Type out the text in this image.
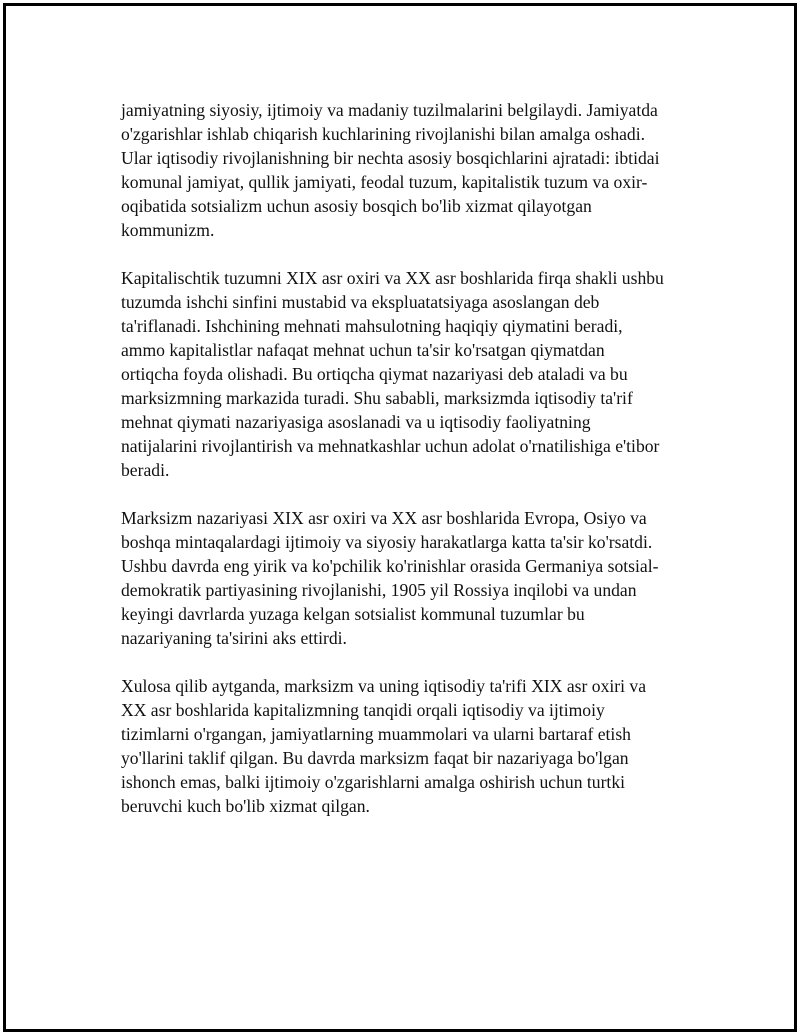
jamiyatning siyosiy, ijtimoiy va madaniy tuzilmalarini belgilaydi. Jamiyatda
o'zgarishlar ishlab chiqarish kuchlarining rivojlanishi bilan amalga oshadi.
Ular iqtisodiy rivojlanishning bir nechta asosiy bosqichlarini ajratadi: ibtidai
komunal jamiyat, qullik jamiyati, feodal tuzum, kapitalistik tuzum va oxir-
oqibatida sotsializm uchun asosiy bosqich bo'lib xizmat qilayotgan
kommunizm.

Kapitalischtik tuzumni XIX asr oxiri va XX asr boshlarida firqa shakli ushbu
tuzumda ishchi sinfini mustabid va ekspluatatsiyaga asoslangan deb
ta'riflanadi. Ishchining mehnati mahsulotning haqiqiy qiymatini beradi,
ammo kapitalistlar nafaqat mehnat uchun ta'sir ko'rsatgan qiymatdan
ortiqcha foyda olishadi. Bu ortiqcha qiymat nazariyasi deb ataladi va bu
marksizmning markazida turadi. Shu sababli, marksizmda iqtisodiy ta'rif
mehnat qiymati nazariyasiga asoslanadi va u iqtisodiy faoliyatning
natijalarini rivojlantirish va mehnatkashlar uchun adolat o'rnatilishiga e'tibor
beradi.

Marksizm nazariyasi XIX asr oxiri va XX asr boshlarida Evropa, Osiyo va
boshqa mintaqalardagi ijtimoiy va siyosiy harakatlarga katta ta'sir ko'rsatdi.
Ushbu davrda eng yirik va ko'pchilik ko'rinishlar orasida Germaniya sotsial-
demokratik partiyasining rivojlanishi, 1905 yil Rossiya inqilobi va undan
keyingi davrlarda yuzaga kelgan sotsialist kommunal tuzumlar bu
nazariyaning ta'sirini aks ettirdi.

Xulosa qilib aytganda, marksizm va uning iqtisodiy ta'rifi XIX asr oxiri va
XX asr boshlarida kapitalizmning tanqidi orqali iqtisodiy va ijtimoiy
tizimlarni o'rgangan, jamiyatlarning muammolari va ularni bartaraf etish
yo'llarini taklif qilgan. Bu davrda marksizm faqat bir nazariyaga bo'lgan
ishonch emas, balki ijtimoiy o'zgarishlarni amalga oshirish uchun turtki
beruvchi kuch bo'lib xizmat qilgan.
